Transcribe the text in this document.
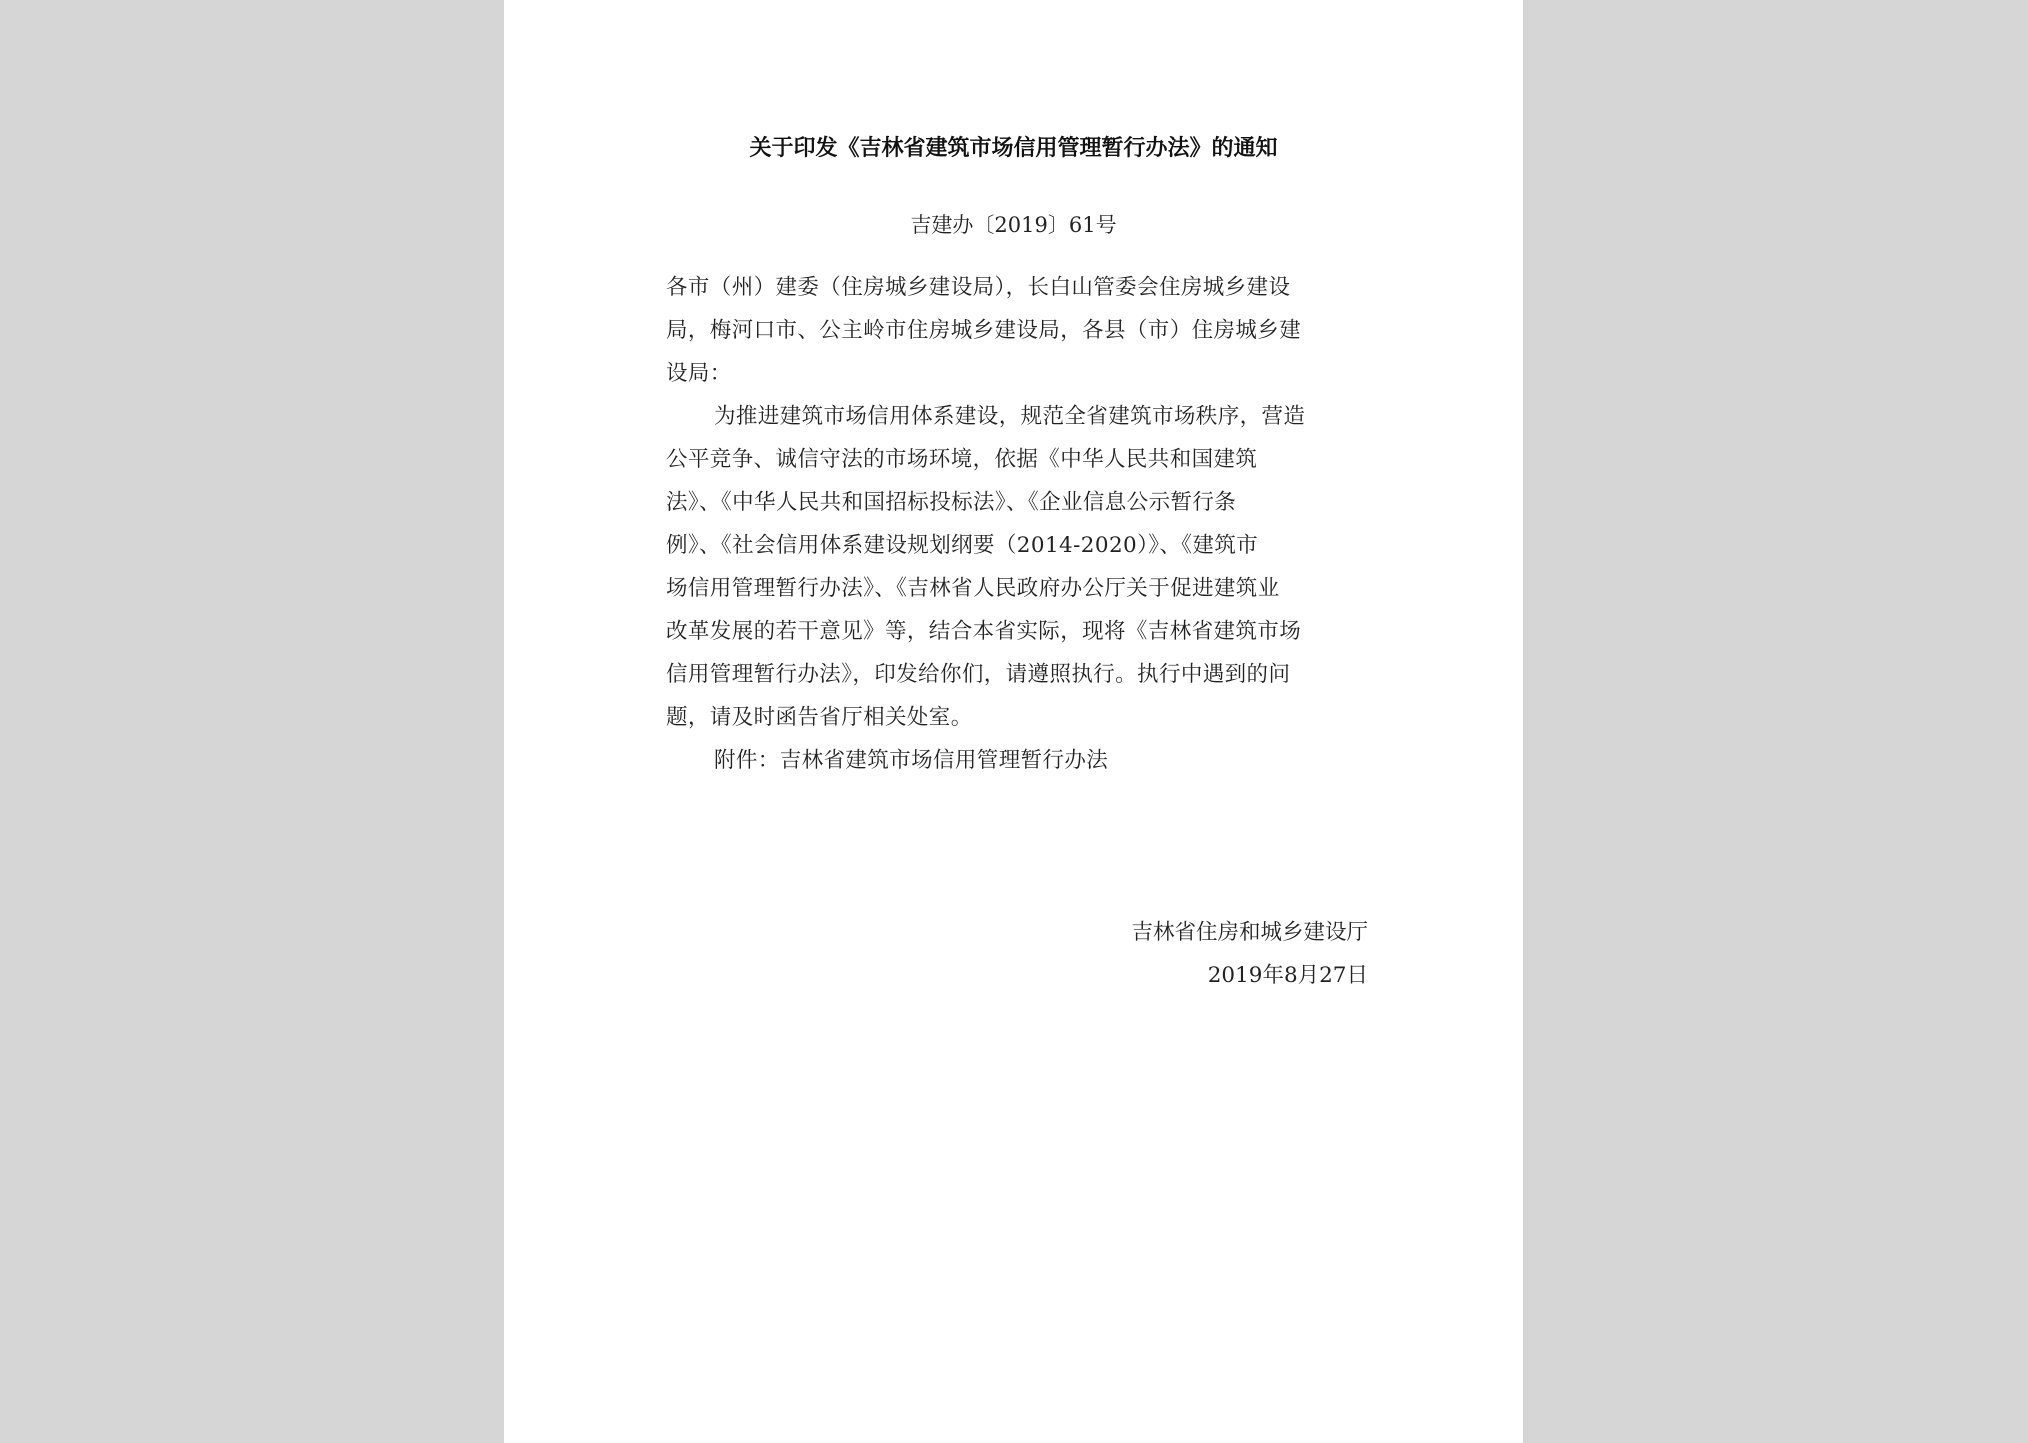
关于印发《吉林省建筑市场信用管理暂行办法》的通知
吉建办〔2019〕61号
各市（州）建委（住房城乡建设局），长白山管委会住房城乡建设
局，梅河口市、公主岭市住房城乡建设局，各县（市）住房城乡建
设局：
为推进建筑市场信用体系建设，规范全省建筑市场秩序，营造
公平竞争、诚信守法的市场环境，依据《中华人民共和国建筑
法》、《中华人民共和国招标投标法》、《企业信息公示暂行条
例》、《社会信用体系建设规划纲要（2014-2020）》、《建筑市
场信用管理暂行办法》、《吉林省人民政府办公厅关于促进建筑业
改革发展的若干意见》等，结合本省实际，现将《吉林省建筑市场
信用管理暂行办法》，印发给你们，请遵照执行。执行中遇到的问
题，请及时函告省厅相关处室。
附件：吉林省建筑市场信用管理暂行办法
吉林省住房和城乡建设厅
2019年8月27日
